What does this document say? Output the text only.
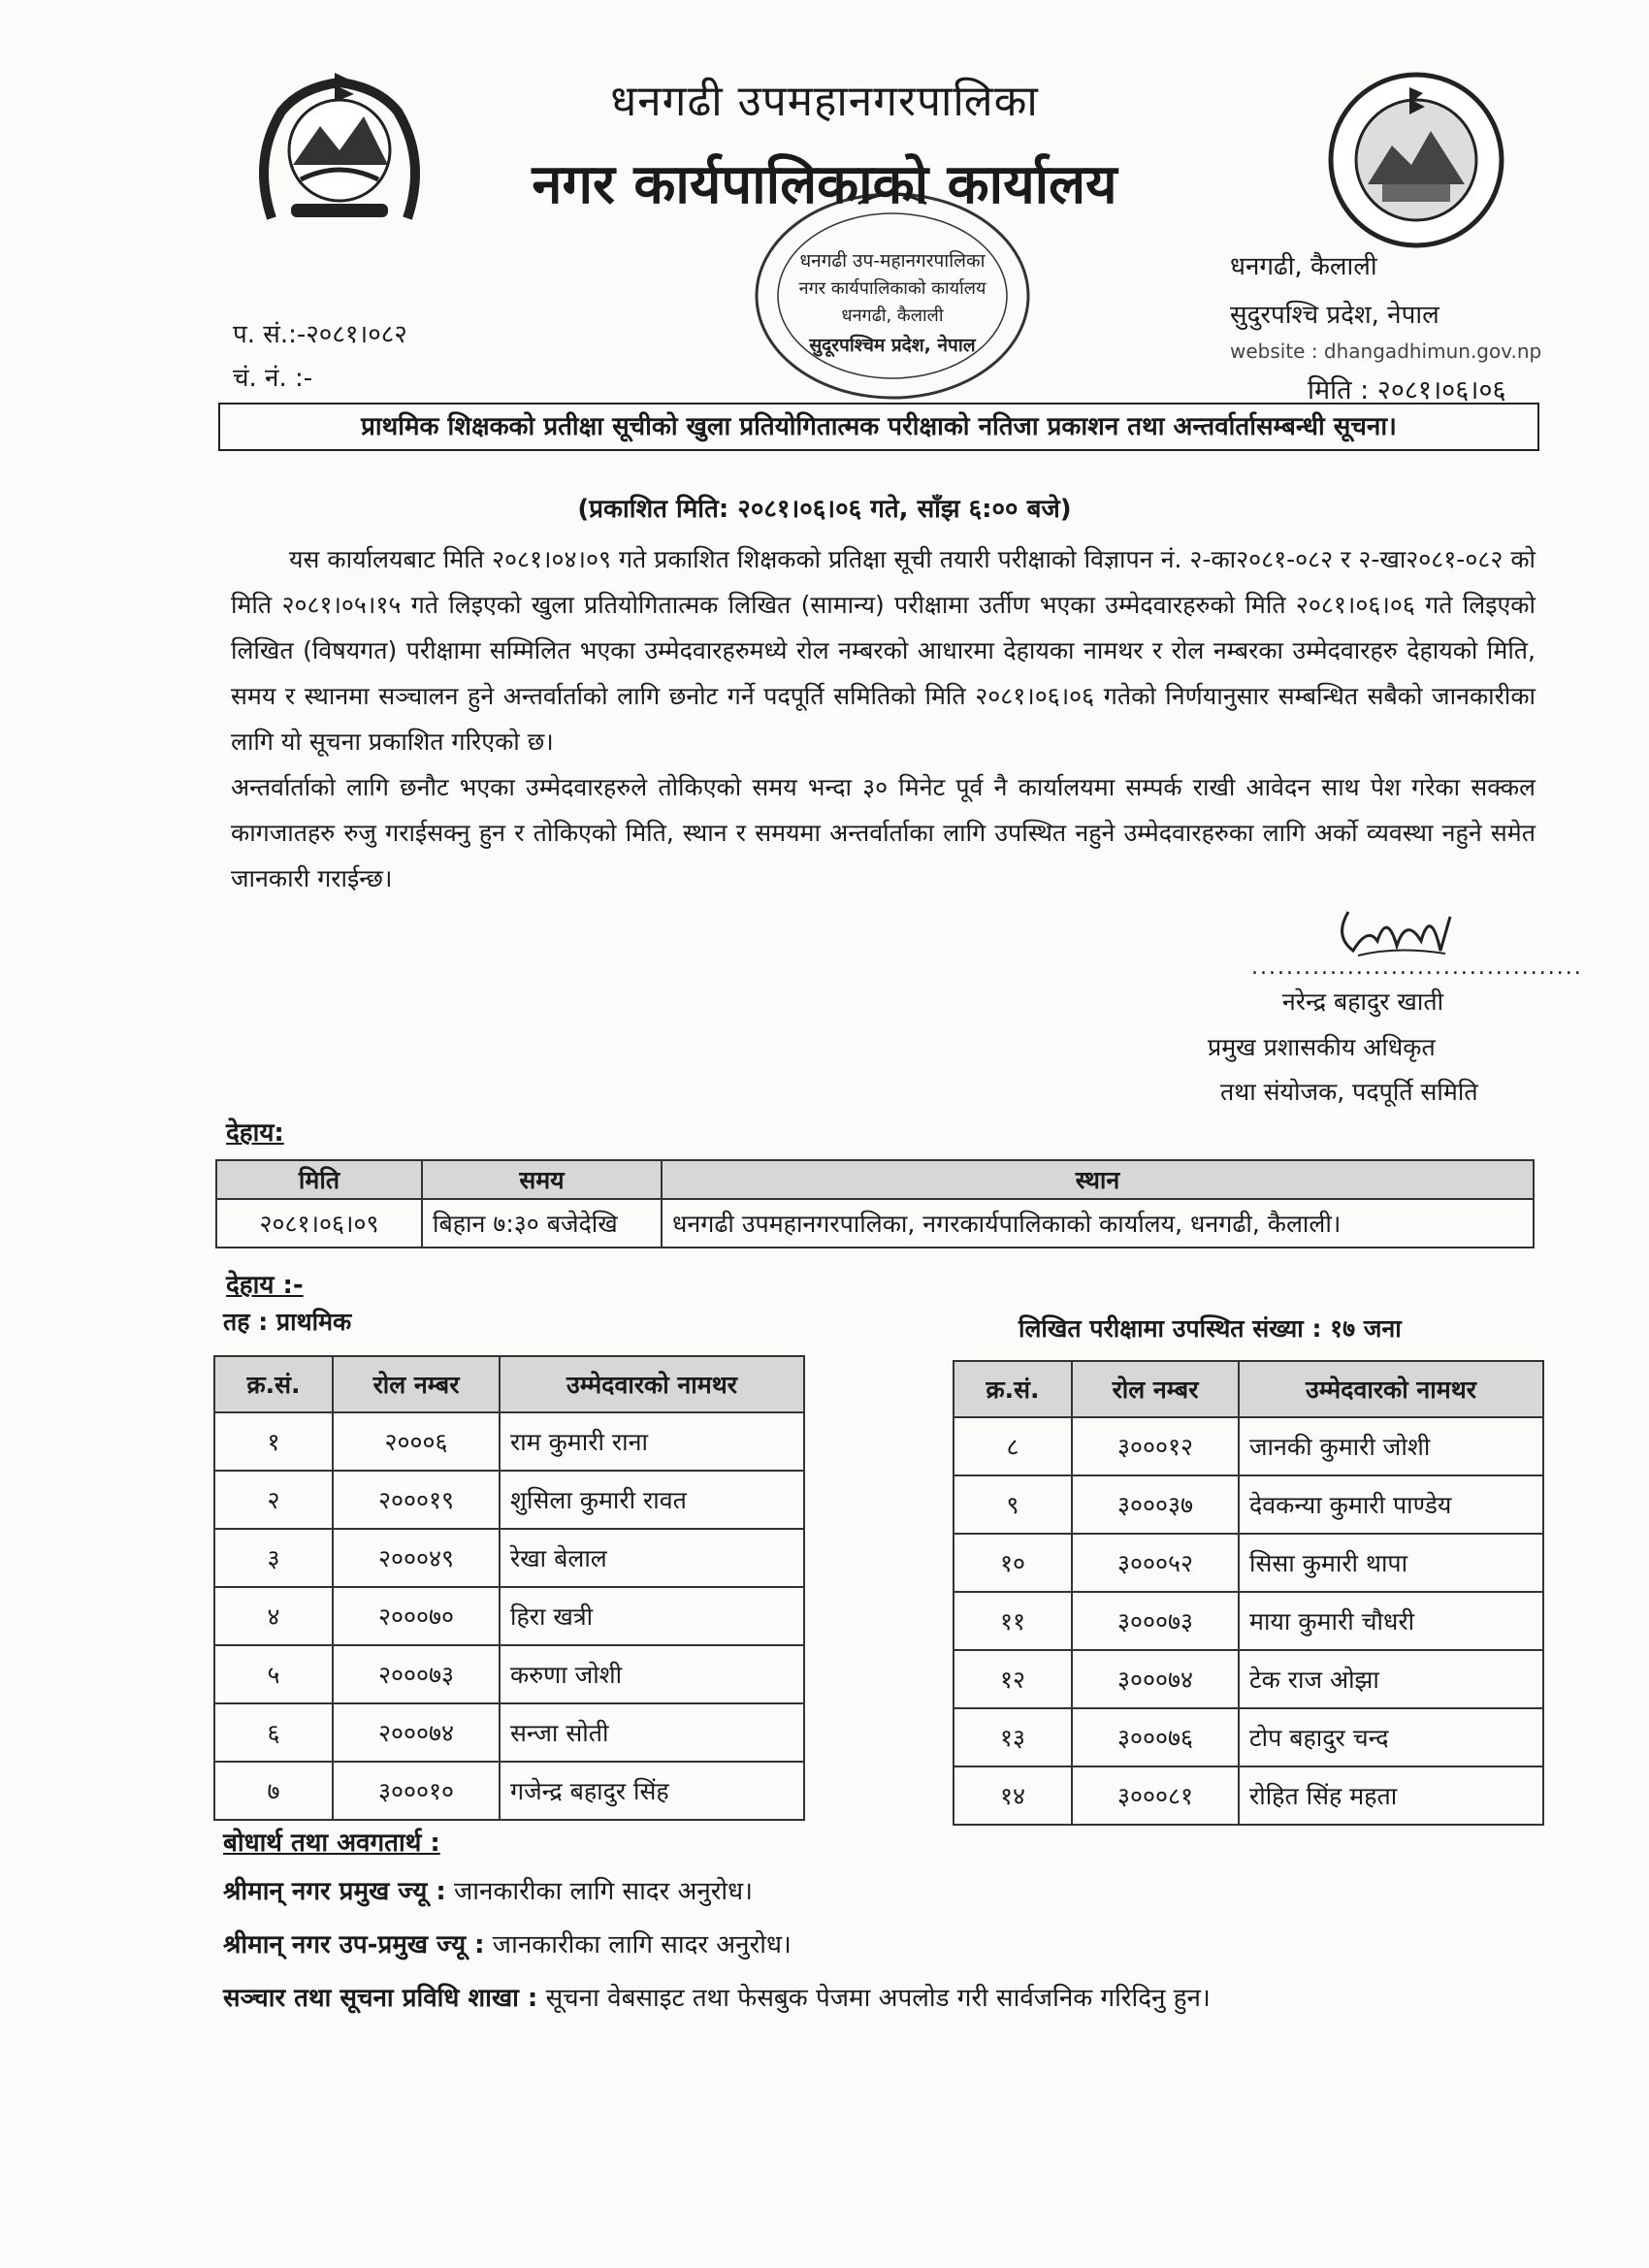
धनगढी उप-महानगरपालिका
नगर कार्यपालिकाको कार्यालय
धनगढी, कैलाली
सुदूरपश्चिम प्रदेश, नेपाल
धनगढी उपमहानगरपालिका
नगर कार्यपालिकाको कार्यालय
धनगढी, कैलाली
सुदुरपश्चि प्रदेश, नेपाल
website : dhangadhimun.gov.np
मिति : २०८१।०६।०६
प. सं.:-२०८१।०८२
चं. नं. :-
प्राथमिक शिक्षकको प्रतीक्षा सूचीको खुला प्रतियोगितात्मक परीक्षाको नतिजा प्रकाशन तथा अन्तर्वार्तासम्बन्धी सूचना।
(प्रकाशित मिति: २०८१।०६।०६ गते, साँझ ६:०० बजे)

यस कार्यालयबाट मिति २०८१।०४।०९ गते प्रकाशित शिक्षकको प्रतिक्षा सूची तयारी परीक्षाको विज्ञापन नं. २-का२०८१-०८२ र २-खा२०८१-०८२ को मिति २०८१।०५।१५ गते लिइएको खुला प्रतियोगितात्मक लिखित (सामान्य) परीक्षामा उर्तीण भएका उम्मेदवारहरुको मिति २०८१।०६।०६ गते लिइएको लिखित (विषयगत) परीक्षामा सम्मिलित भएका उम्मेदवारहरुमध्ये रोल नम्बरको आधारमा देहायका नामथर र रोल नम्बरका उम्मेदवारहरु देहायको मिति, समय र स्थानमा सञ्चालन हुने अन्तर्वार्ताको लागि छनोट गर्ने पदपूर्ति समितिको मिति २०८१।०६।०६ गतेको निर्णयानुसार सम्बन्धित सबैको जानकारीका लागि यो सूचना प्रकाशित गरिएको छ।

अन्तर्वार्ताको लागि छनौट भएका उम्मेदवारहरुले तोकिएको समय भन्दा ३० मिनेट पूर्व नै कार्यालयमा सम्पर्क राखी आवेदन साथ पेश गरेका सक्कल कागजातहरु रुजु गराईसक्नु हुन र तोकिएको मिति, स्थान र समयमा अन्तर्वार्ताका लागि उपस्थित नहुने उम्मेदवारहरुका लागि अर्को व्यवस्था नहुने समेत जानकारी गराईन्छ।

......................................
नरेन्द्र बहादुर खाती
प्रमुख प्रशासकीय अधिकृत
तथा संयोजक, पदपूर्ति समिति
देहाय:
मिति	समय	स्थान
२०८१।०६।०९	बिहान ७:३० बजेदेखि	धनगढी उपमहानगरपालिका, नगरकार्यपालिकाको कार्यालय, धनगढी, कैलाली।
देहाय :-
तह : प्राथमिक	लिखित परीक्षामा उपस्थित संख्या : १७ जना
क्र.सं.	रोल नम्बर	उम्मेदवारको नामथर
१	२०००६	राम कुमारी राना
२	२०००१९	शुसिला कुमारी रावत
३	२०००४९	रेखा बेलाल
४	२०००७०	हिरा खत्री
५	२०००७३	करुणा जोशी
६	२०००७४	सन्जा सोती
७	३०००१०	गजेन्द्र बहादुर सिंह
क्र.सं.	रोल नम्बर	उम्मेदवारको नामथर
८	३०००१२	जानकी कुमारी जोशी
९	३०००३७	देवकन्या कुमारी पाण्डेय
१०	३०००५२	सिसा कुमारी थापा
११	३०००७३	माया कुमारी चौधरी
१२	३०००७४	टेक राज ओझा
१३	३०००७६	टोप बहादुर चन्द
१४	३०००८१	रोहित सिंह महता
बोधार्थ तथा अवगतार्थ :
श्रीमान् नगर प्रमुख ज्यू : जानकारीका लागि सादर अनुरोध।
श्रीमान् नगर उप-प्रमुख ज्यू : जानकारीका लागि सादर अनुरोध।
सञ्चार तथा सूचना प्रविधि शाखा : सूचना वेबसाइट तथा फेसबुक पेजमा अपलोड गरी सार्वजनिक गरिदिनु हुन।
